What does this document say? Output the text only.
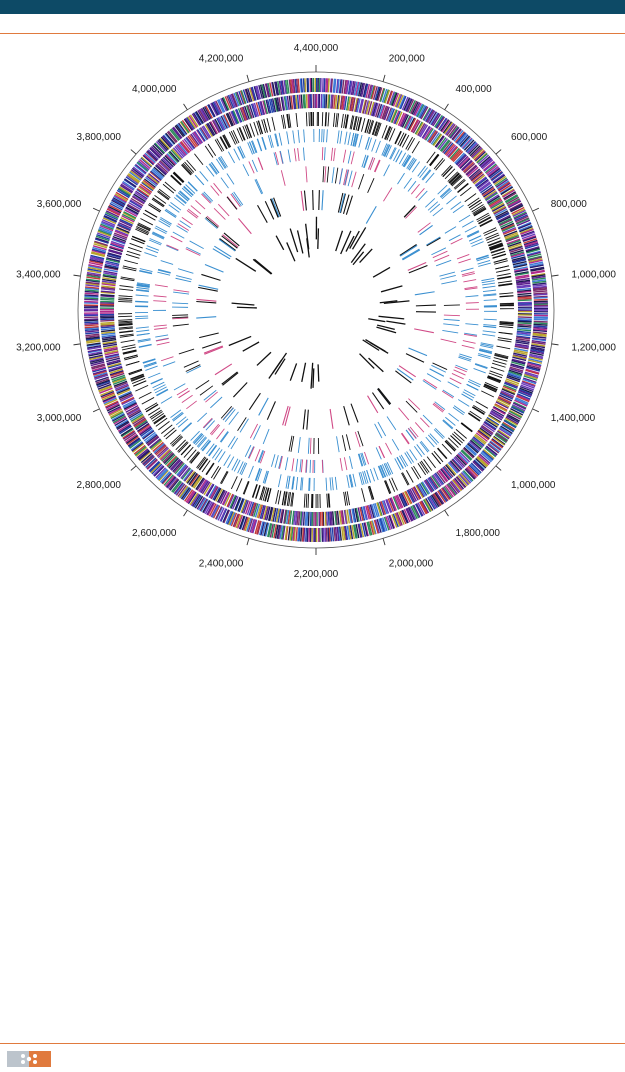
4,400,000
200,000
400,000
600,000
800,000
1,000,000
1,200,000
1,400,000
1,000,000
1,800,000
2,000,000
2,200,000
2,400,000
2,600,000
2,800,000
3,000,000
3,200,000
3,400,000
3,600,000
3,800,000
4,000,000
4,200,000
